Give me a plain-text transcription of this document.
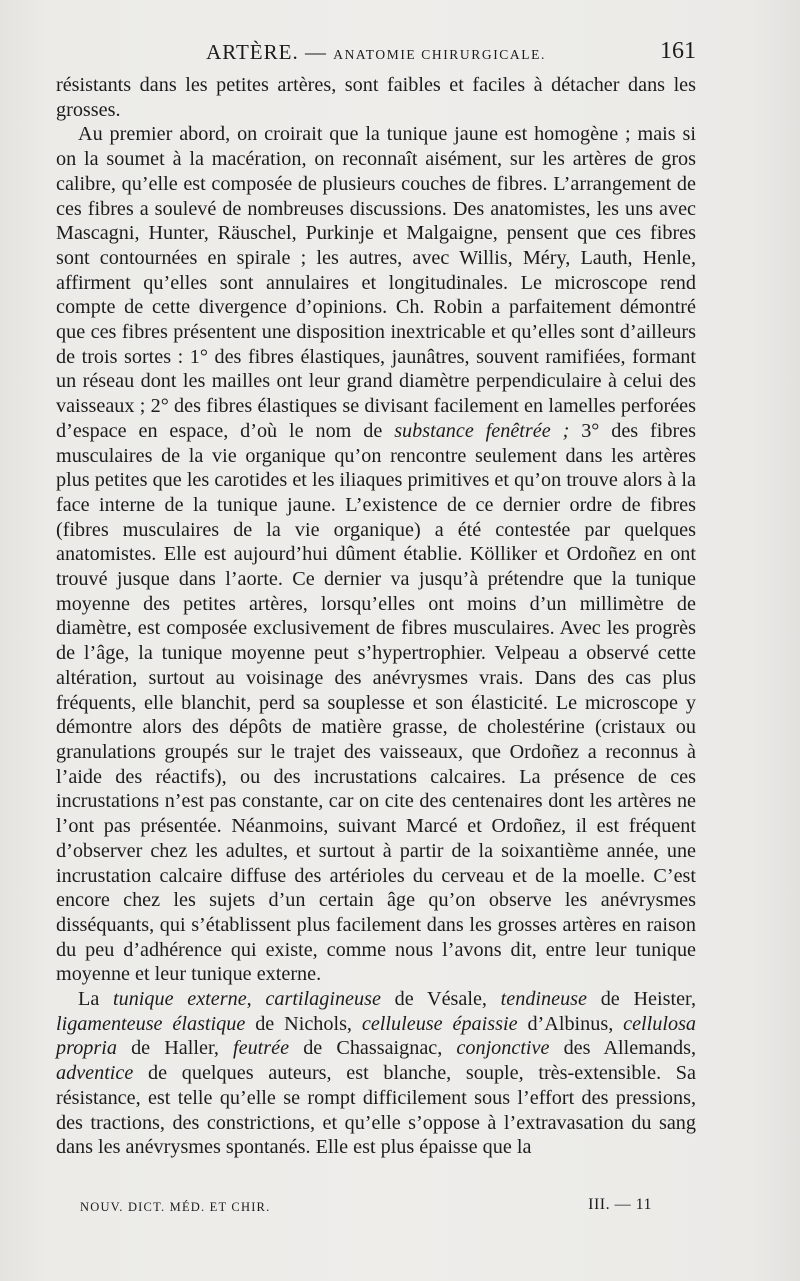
ARTÈRE. — ANATOMIE CHIRURGICALE.	161

résistants dans les petites artères, sont faibles et faciles à détacher dans les grosses.

Au premier abord, on croirait que la tunique jaune est homogène ; mais si on la soumet à la macération, on reconnaît aisément, sur les artères de gros calibre, qu’elle est composée de plusieurs couches de fibres. L’arrangement de ces fibres a soulevé de nombreuses discussions. Des anatomistes, les uns avec Mascagni, Hunter, Räuschel, Purkinje et Malgaigne, pensent que ces fibres sont contournées en spirale ; les autres, avec Willis, Méry, Lauth, Henle, affirment qu’elles sont annulaires et longitudinales. Le microscope rend compte de cette divergence d’opinions. Ch. Robin a parfaitement démontré que ces fibres présentent une disposition inextricable et qu’elles sont d’ailleurs de trois sortes : 1° des fibres élastiques, jaunâtres, souvent ramifiées, formant un réseau dont les mailles ont leur grand diamètre perpendiculaire à celui des vaisseaux ; 2° des fibres élastiques se divisant facilement en lamelles perforées d’espace en espace, d’où le nom de substance fenêtrée ; 3° des fibres musculaires de la vie organique qu’on rencontre seulement dans les artères plus petites que les carotides et les iliaques primitives et qu’on trouve alors à la face interne de la tunique jaune. L’existence de ce dernier ordre de fibres (fibres musculaires de la vie organique) a été contestée par quelques anatomistes. Elle est aujourd’hui dûment établie. Kölliker et Ordoñez en ont trouvé jusque dans l’aorte. Ce dernier va jusqu’à prétendre que la tunique moyenne des petites artères, lorsqu’elles ont moins d’un millimètre de diamètre, est composée exclusivement de fibres musculaires. Avec les progrès de l’âge, la tunique moyenne peut s’hypertrophier. Velpeau a observé cette altération, surtout au voisinage des anévrysmes vrais. Dans des cas plus fréquents, elle blanchit, perd sa souplesse et son élasticité. Le microscope y démontre alors des dépôts de matière grasse, de cholestérine (cristaux ou granulations groupés sur le trajet des vaisseaux, que Ordoñez a reconnus à l’aide des réactifs), ou des incrustations calcaires. La présence de ces incrustations n’est pas constante, car on cite des centenaires dont les artères ne l’ont pas présentée. Néanmoins, suivant Marcé et Ordoñez, il est fréquent d’observer chez les adultes, et surtout à partir de la soixantième année, une incrustation calcaire diffuse des artérioles du cerveau et de la moelle. C’est encore chez les sujets d’un certain âge qu’on observe les anévrysmes disséquants, qui s’établissent plus facilement dans les grosses artères en raison du peu d’adhérence qui existe, comme nous l’avons dit, entre leur tunique moyenne et leur tunique externe.

La tunique externe, cartilagineuse de Vésale, tendineuse de Heister, ligamenteuse élastique de Nichols, celluleuse épaissie d’Albinus, cellulosa propria de Haller, feutrée de Chassaignac, conjonctive des Allemands, adventice de quelques auteurs, est blanche, souple, très-extensible. Sa résistance, est telle qu’elle se rompt difficilement sous l’effort des pressions, des tractions, des constrictions, et qu’elle s’oppose à l’extravasation du sang dans les anévrysmes spontanés. Elle est plus épaisse que la

NOUV. DICT. MÉD. ET CHIR.	III. — 11
